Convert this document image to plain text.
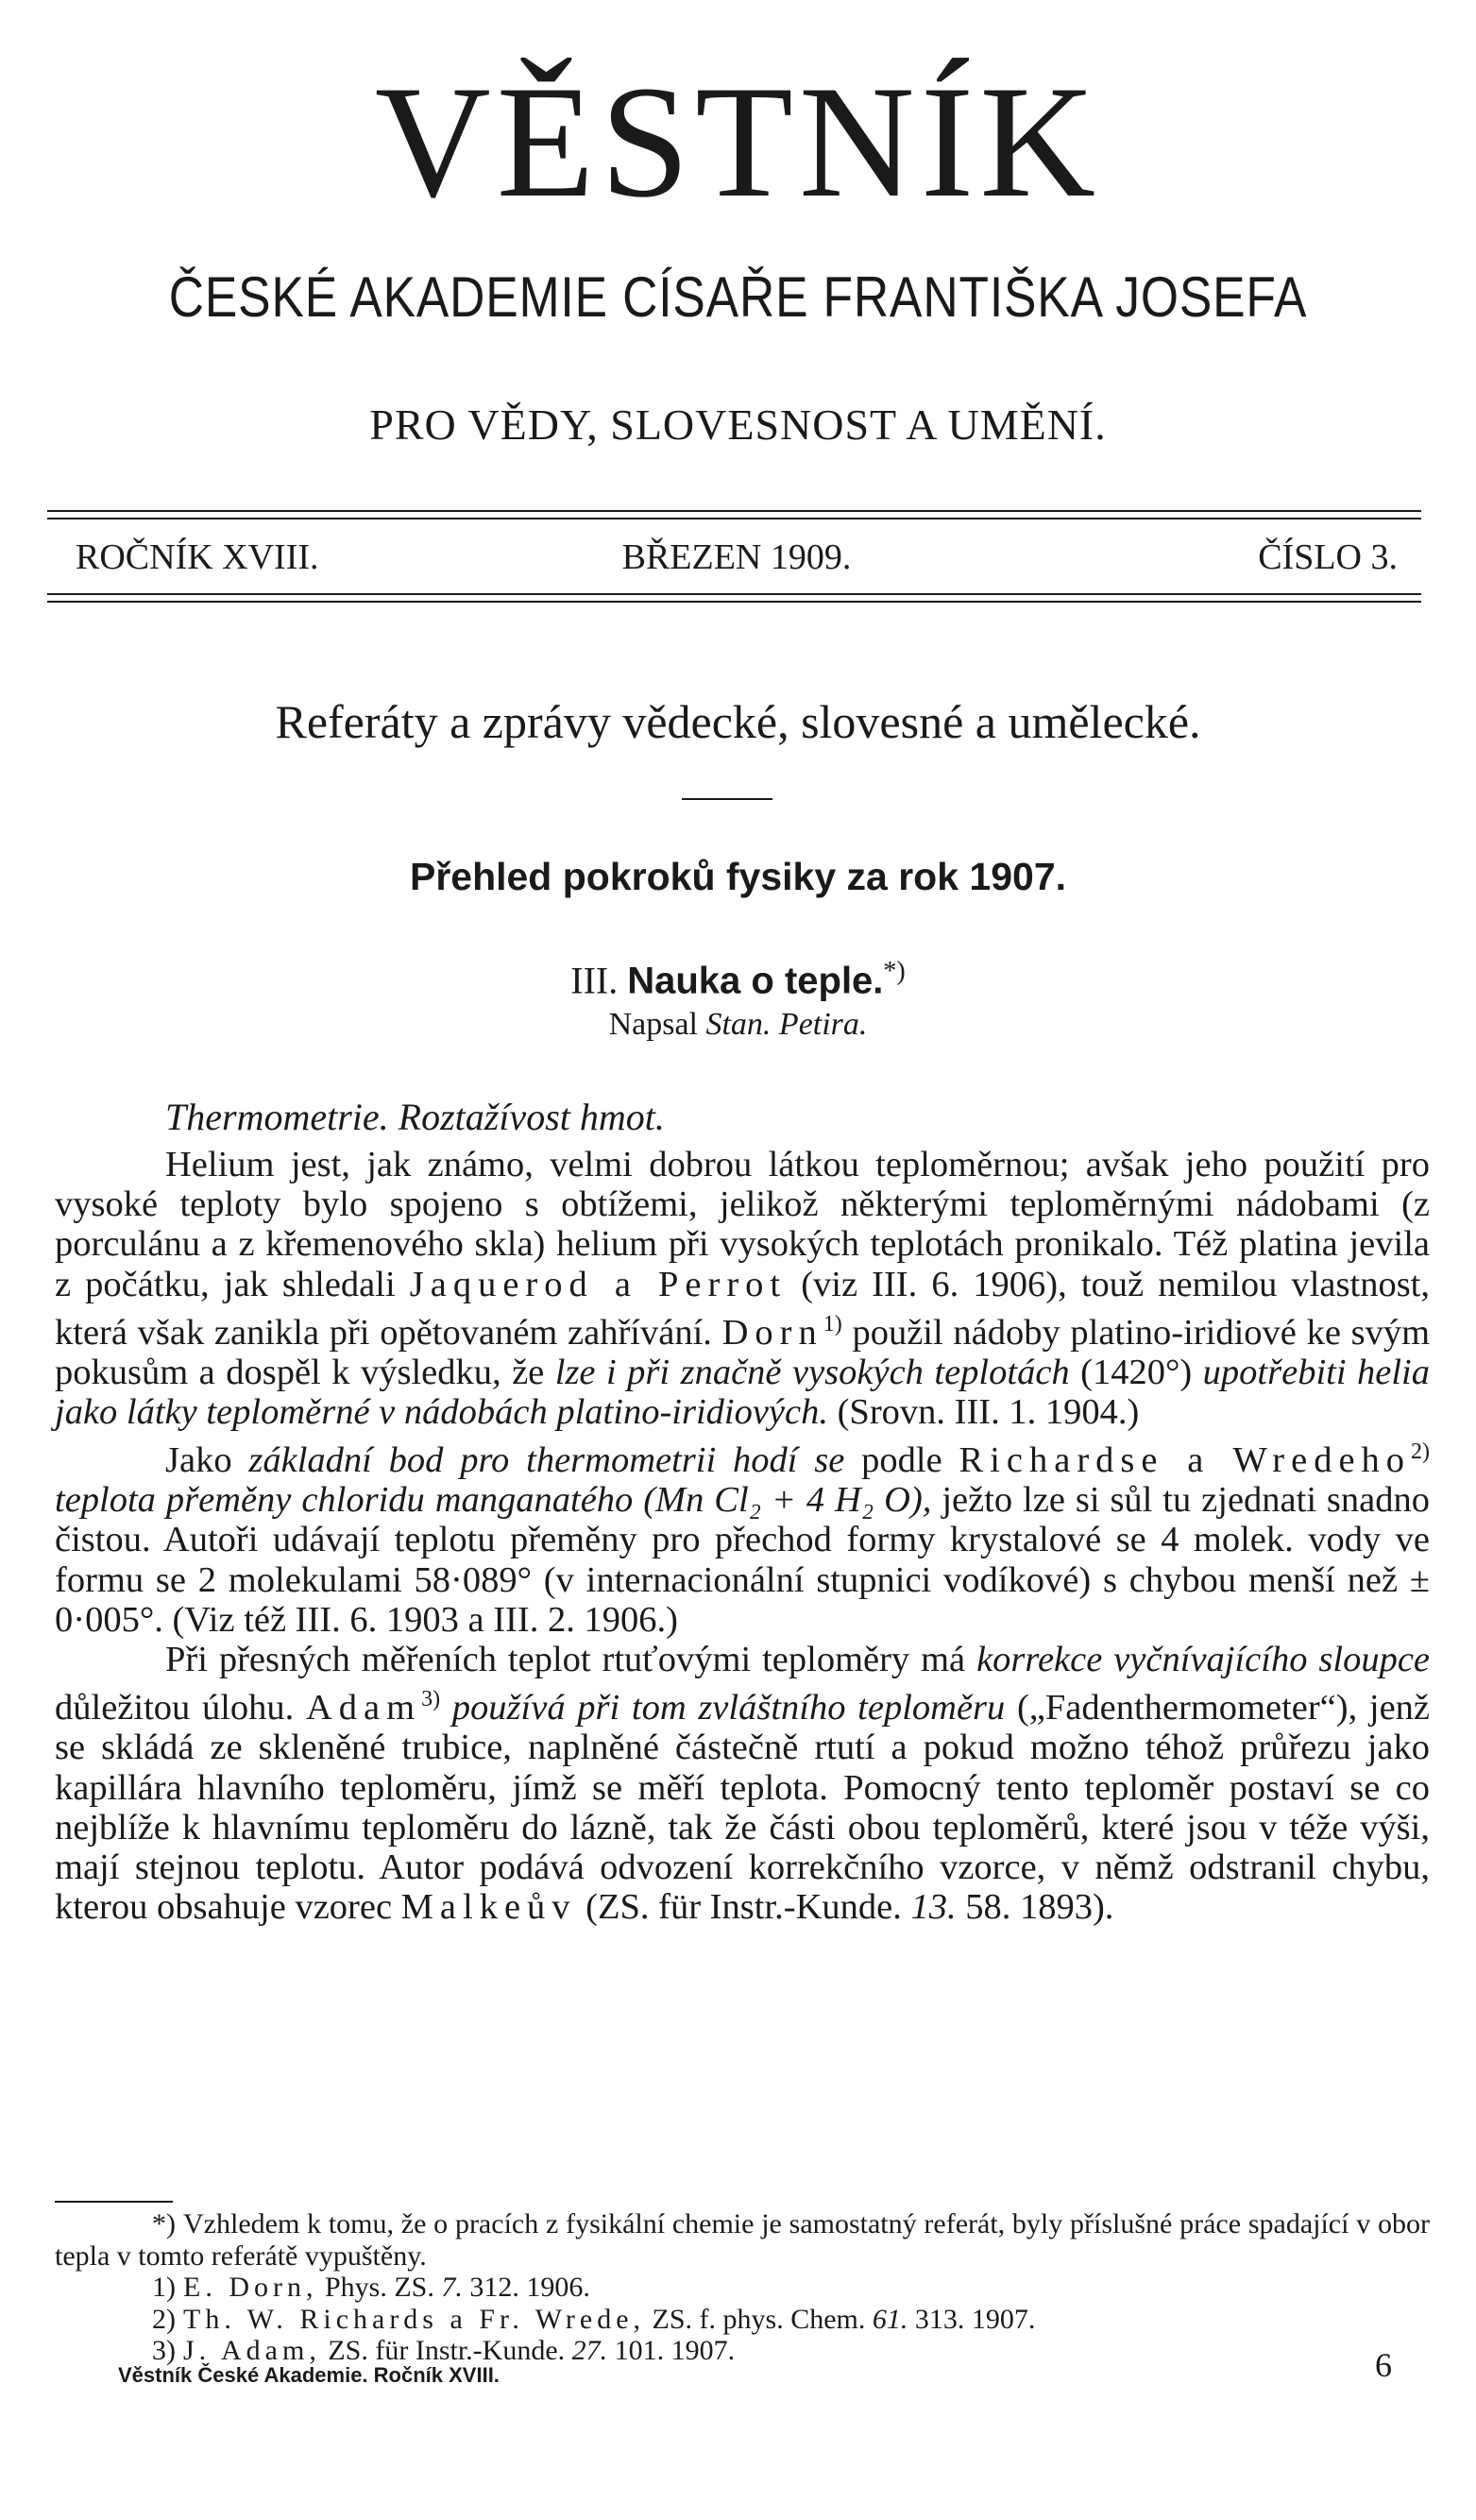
VĚSTNÍK
ČESKÉ AKADEMIE CÍSAŘE FRANTIŠKA JOSEFA
PRO VĚDY, SLOVESNOST A UMĚNÍ.
ROČNÍK XVIII.	BŘEZEN 1909.	ČÍSLO 3.
Referáty a zprávy vědecké, slovesné a umělecké.
Přehled pokroků fysiky za rok 1907.
III. Nauka o teple.*)
Napsal Stan. Petira.
Thermometrie. Roztažívost hmot.

Helium jest, jak známo, velmi dobrou látkou teploměrnou; avšak jeho použití pro vysoké teploty bylo spojeno s obtížemi, jelikož některými teploměrnými nádobami (z porculánu a z křemenového skla) helium při vysokých teplotách pronikalo. Též platina jevila z počátku, jak shledali Jaquerod a Perrot (viz III. 6. 1906), touž nemilou vlastnost, která však zanikla při opětovaném zahřívání. Dorn$^{1)}$ použil nádoby platino-iridiové ke svým pokusům a dospěl k výsledku, že lze i při značně vysokých teplotách (1420°) upotřebiti helia jako látky teploměrné v nádobách platino-iridiových. (Srovn. III. 1. 1904.)

Jako základní bod pro thermometrii hodí se podle Richardse a Wredeho$^{2)}$ teplota přeměny chloridu manganatého (Mn Cl₂ + 4 H₂ O), ježto lze si sůl tu zjednati snadno čistou. Autoři udávají teplotu přeměny pro přechod formy krystalové se 4 molek. vody ve formu se 2 molekulami 58·089° (v internacionální stupnici vodíkové) s chybou menší než ± 0·005°. (Viz též III. 6. 1903 a III. 2. 1906.)

Při přesných měřeních teplot rtuťovými teploměry má korrekce vyčnívajícího sloupce důležitou úlohu. Adam$^{3)}$ používá při tom zvláštního teploměru („Fadenthermometer“), jenž se skládá ze skleněné trubice, naplněné částečně rtutí a pokud možno téhož průřezu jako kapillára hlavního teploměru, jímž se měří teplota. Pomocný tento teploměr postaví se co nejblíže k hlavnímu teploměru do lázně, tak že části obou teploměrů, které jsou v téže výši, mají stejnou teplotu. Autor podává odvození korrekčního vzorce, v němž odstranil chybu, kterou obsahuje vzorec Malkeův (ZS. für Instr.-Kunde. 13. 58. 1893).

*) Vzhledem k tomu, že o pracích z fysikální chemie je samostatný referát, byly příslušné práce spadající v obor tepla v tomto referátě vypuštěny.

1) E. Dorn, Phys. ZS. 7. 312. 1906.

2) Th. W. Richards a Fr. Wrede, ZS. f. phys. Chem. 61. 313. 1907.

3) J. Adam, ZS. für Instr.-Kunde. 27. 101. 1907.

Věstník České Akademie. Ročník XVIII.	6
